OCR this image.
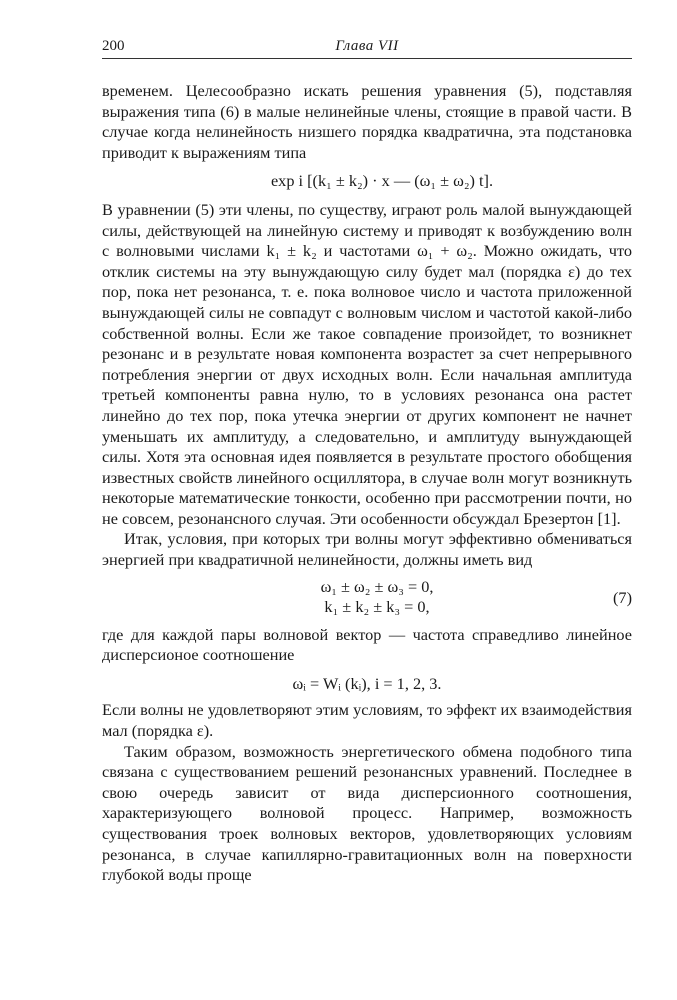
200	Глава VII

временем. Целесообразно искать решения уравнения (5), подставляя выражения типа (6) в малые нелинейные члены, стоящие в правой части. В случае когда нелинейность низшего порядка квадратична, эта подстановка приводит к выражениям типа

exp i [(k₁ ± k₂) · x — (ω₁ ± ω₂) t].

В уравнении (5) эти члены, по существу, играют роль малой вынуждающей силы, действующей на линейную систему и приводят к возбуждению волн с волновыми числами k₁ ± k₂ и частотами ω₁ + ω₂. Можно ожидать, что отклик системы на эту вынуждающую силу будет мал (порядка ε) до тех пор, пока нет резонанса, т. е. пока волновое число и частота приложенной вынуждающей силы не совпадут с волновым числом и частотой какой-либо собственной волны. Если же такое совпадение произойдет, то возникнет резонанс и в результате новая компонента возрастет за счет непрерывного потребления энергии от двух исходных волн. Если начальная амплитуда третьей компоненты равна нулю, то в условиях резонанса она растет линейно до тех пор, пока утечка энергии от других компонент не начнет уменьшать их амплитуду, а следовательно, и амплитуду вынуждающей силы. Хотя эта основная идея появляется в результате простого обобщения известных свойств линейного осциллятора, в случае волн могут возникнуть некоторые математические тонкости, особенно при рассмотрении почти, но не совсем, резонансного случая. Эти особенности обсуждал Брезертон [1].

Итак, условия, при которых три волны могут эффективно обмениваться энергией при квадратичной нелинейности, должны иметь вид

ω₁ ± ω₂ ± ω₃ = 0,
k₁ ± k₂ ± k₃ = 0,
(7)

где для каждой пары волновой вектор — частота справедливо линейное дисперсионое соотношение

ωᵢ = Wᵢ (kᵢ), i = 1, 2, 3.

Если волны не удовлетворяют этим условиям, то эффект их взаимодействия мал (порядка ε).

Таким образом, возможность энергетического обмена подобного типа связана с существованием решений резонансных уравнений. Последнее в свою очередь зависит от вида дисперсионного соотношения, характеризующего волновой процесс. Например, возможность существования троек волновых векторов, удовлетворяющих условиям резонанса, в случае капиллярно-гравитационных волн на поверхности глубокой воды проще
